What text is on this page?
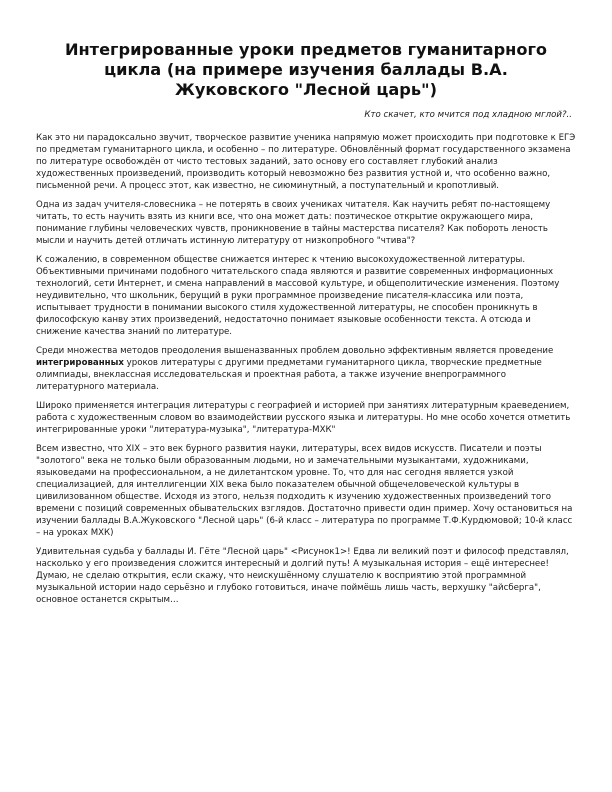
Интегрированные уроки предметов гуманитарного цикла (на примере изучения баллады В.А. Жуковского "Лесной царь")
Кто скачет, кто мчится под хладною мглой?..

Как это ни парадоксально звучит, творческое развитие ученика напрямую может происходить при подготовке к ЕГЭ по предметам гуманитарного цикла, и особенно – по литературе. Обновлённый формат государственного экзамена по литературе освобождён от чисто тестовых заданий, зато основу его составляет глубокий анализ художественных произведений, производить который невозможно без развития устной и, что особенно важно, письменной речи. А процесс этот, как известно, не сиюминутный, а поступательный и кропотливый.

Одна из задач учителя-словесника – не потерять в своих учениках читателя. Как научить ребят по-настоящему читать, то есть научить взять из книги все, что она может дать: поэтическое открытие окружающего мира, понимание глубины человеческих чувств, проникновение в тайны мастерства писателя? Как побороть леность мысли и научить детей отличать истинную литературу от низкопробного "чтива"?

К сожалению, в современном обществе снижается интерес к чтению высокохудожественной литературы. Объективными причинами подобного читательского спада являются и развитие современных информационных технологий, сети Интернет, и смена направлений в массовой культуре, и общеполитические изменения. Поэтому неудивительно, что школьник, берущий в руки программное произведение писателя-классика или поэта, испытывает трудности в понимании высокого стиля художественной литературы, не способен проникнуть в философскую канву этих произведений, недостаточно понимает языковые особенности текста. А отсюда и снижение качества знаний по литературе.

Среди множества методов преодоления вышеназванных проблем довольно эффективным является проведение интегрированных уроков литературы с другими предметами гуманитарного цикла, творческие предметные олимпиады, внеклассная исследовательская и проектная работа, а также изучение внепрограммного литературного материала.

Широко применяется интеграция литературы с географией и историей при занятиях литературным краеведением, работа с художественным словом во взаимодействии русского языка и литературы. Но мне особо хочется отметить интегрированные уроки "литература-музыка", "литература-МХК"

Всем известно, что XIX – это век бурного развития науки, литературы, всех видов искусств. Писатели и поэты "золотого" века не только были образованным людьми, но и замечательными музыкантами, художниками, языковедами на профессиональном, а не дилетантском уровне. То, что для нас сегодня является узкой специализацией, для интеллигенции XIX века было показателем обычной общечеловеческой культуры в цивилизованном обществе. Исходя из этого, нельзя подходить к изучению художественных произведений того времени с позиций современных обывательских взглядов. Достаточно привести один пример. Хочу остановиться на изучении баллады В.А.Жуковского "Лесной царь" (6-й класс – литература по программе Т.Ф.Курдюмовой; 10-й класс – на уроках МХК)

Удивительная судьба у баллады И. Гёте "Лесной царь" <Рисунок1>! Едва ли великий поэт и философ представлял, насколько у его произведения сложится интересный и долгий путь! А музыкальная история – ещё интереснее! Думаю, не сделаю открытия, если скажу, что неискушённому слушателю к восприятию этой программной музыкальной истории надо серьёзно и глубоко готовиться, иначе поймёшь лишь часть, верхушку "айсберга", основное останется скрытым…
